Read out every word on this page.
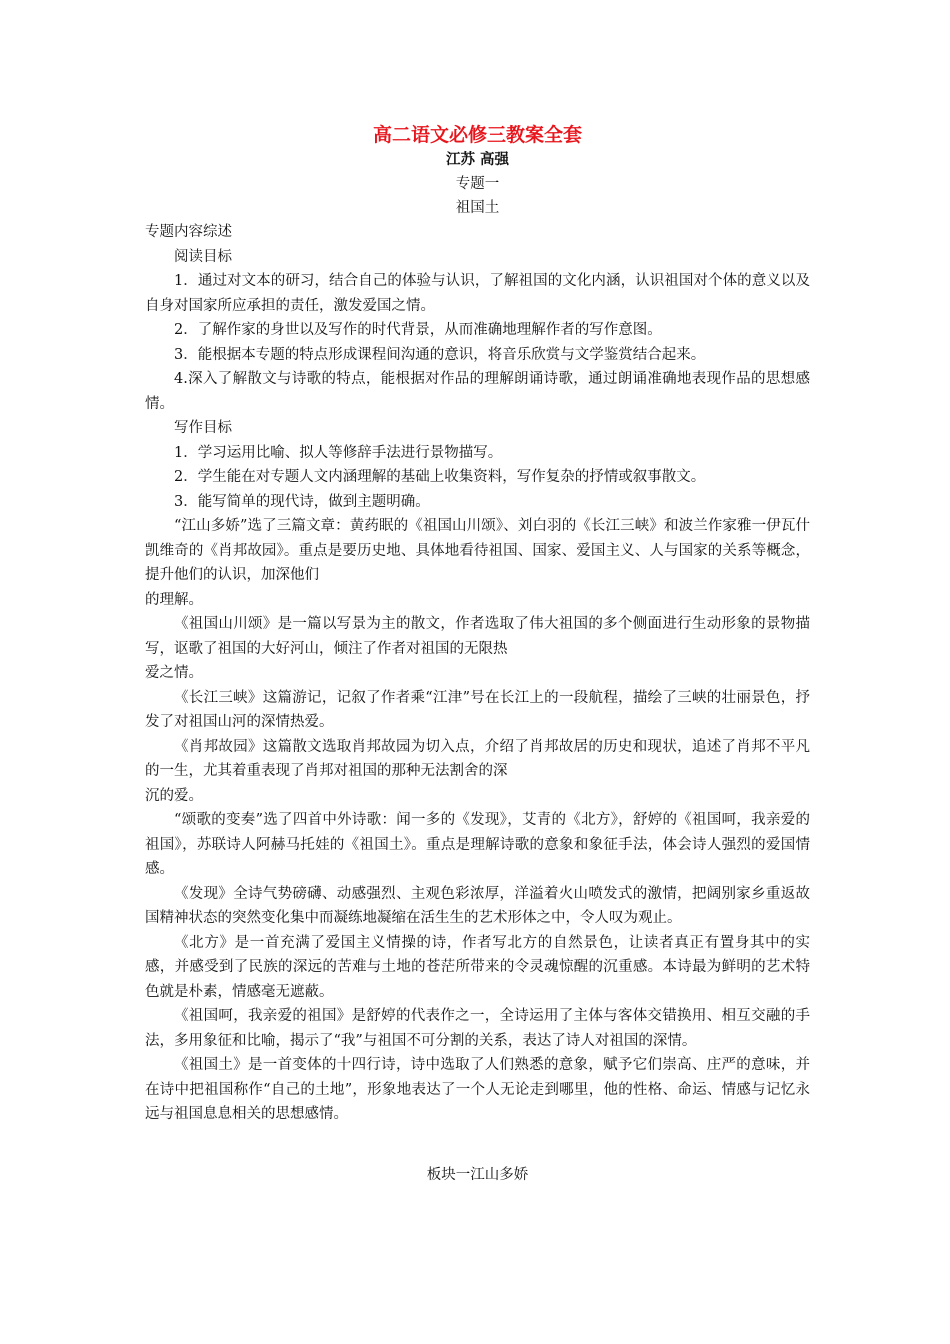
高二语文必修三教案全套
江苏 高强
专题一
祖国土
专题内容综述
阅读目标
1．通过对文本的研习，结合自己的体验与认识，了解祖国的文化内涵，认识祖国对个体的意义以及自身对国家所应承担的责任，激发爱国之情。
2．了解作家的身世以及写作的时代背景，从而准确地理解作者的写作意图。
3．能根据本专题的特点形成课程间沟通的意识，将音乐欣赏与文学鉴赏结合起来。
4.深入了解散文与诗歌的特点，能根据对作品的理解朗诵诗歌，通过朗诵准确地表现作品的思想感情。
写作目标
1．学习运用比喻、拟人等修辞手法进行景物描写。
2．学生能在对专题人文内涵理解的基础上收集资料，写作复杂的抒情或叙事散文。
3．能写简单的现代诗，做到主题明确。
“江山多娇”选了三篇文章：黄药眠的《祖国山川颂》、刘白羽的《长江三峡》和波兰作家雅一伊瓦什凯维奇的《肖邦故园》。重点是要历史地、具体地看待祖国、国家、爱国主义、人与国家的关系等概念，提升他们的认识，加深他们
的理解。
《祖国山川颂》是一篇以写景为主的散文，作者选取了伟大祖国的多个侧面进行生动形象的景物描写，讴歌了祖国的大好河山，倾注了作者对祖国的无限热
爱之情。
《长江三峡》这篇游记，记叙了作者乘“江津”号在长江上的一段航程，描绘了三峡的壮丽景色，抒发了对祖国山河的深情热爱。
《肖邦故园》这篇散文选取肖邦故园为切入点，介绍了肖邦故居的历史和现状，追述了肖邦不平凡的一生，尤其着重表现了肖邦对祖国的那种无法割舍的深
沉的爱。
“颂歌的变奏”选了四首中外诗歌：闻一多的《发现》，艾青的《北方》，舒婷的《祖国呵，我亲爱的祖国》，苏联诗人阿赫马托娃的《祖国土》。重点是理解诗歌的意象和象征手法，体会诗人强烈的爱国情感。
《发现》全诗气势磅礴、动感强烈、主观色彩浓厚，洋溢着火山喷发式的激情，把阔别家乡重返故国精神状态的突然变化集中而凝练地凝缩在活生生的艺术形体之中，令人叹为观止。
《北方》是一首充满了爱国主义情操的诗，作者写北方的自然景色，让读者真正有置身其中的实感，并感受到了民族的深远的苦难与土地的苍茫所带来的令灵魂惊醒的沉重感。本诗最为鲜明的艺术特色就是朴素，情感毫无遮蔽。
《祖国呵，我亲爱的祖国》是舒婷的代表作之一，全诗运用了主体与客体交错换用、相互交融的手法，多用象征和比喻，揭示了“我”与祖国不可分割的关系，表达了诗人对祖国的深情。
《祖国土》是一首变体的十四行诗，诗中选取了人们熟悉的意象，赋予它们崇高、庄严的意味，并在诗中把祖国称作“自己的土地”，形象地表达了一个人无论走到哪里，他的性格、命运、情感与记忆永远与祖国息息相关的思想感情。
板块一江山多娇
